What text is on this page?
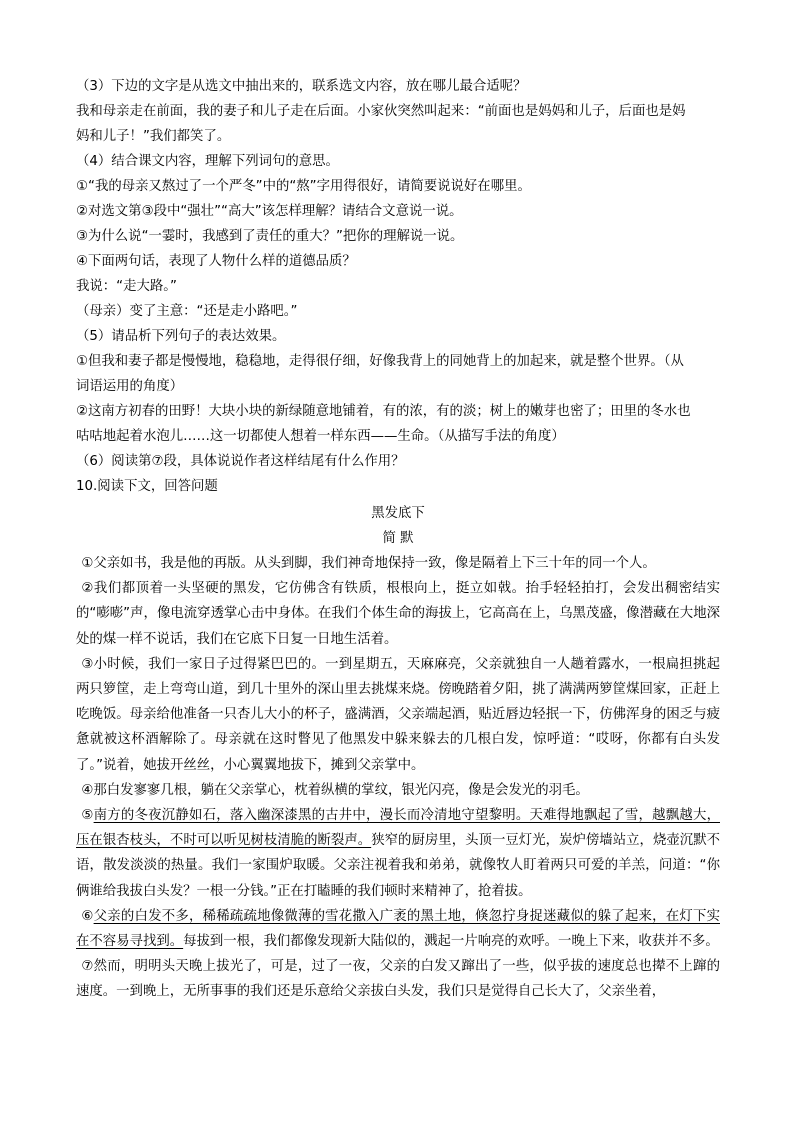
（3）下边的文字是从选文中抽出来的，联系选文内容，放在哪儿最合适呢？
我和母亲走在前面，我的妻子和儿子走在后面。小家伙突然叫起来：“前面也是妈妈和儿子，后面也是妈
妈和儿子！”我们都笑了。
（4）结合课文内容，理解下列词句的意思。
①“我的母亲又熬过了一个严冬”中的“熬”字用得很好，请简要说说好在哪里。
②对选文第③段中“强壮”“高大”该怎样理解？请结合文意说一说。
③为什么说“一霎时，我感到了责任的重大？”把你的理解说一说。
④下面两句话，表现了人物什么样的道德品质？
我说：“走大路。”
（母亲）变了主意：“还是走小路吧。”
（5）请品析下列句子的表达效果。
①但我和妻子都是慢慢地，稳稳地，走得很仔细，好像我背上的同她背上的加起来，就是整个世界。（从
词语运用的角度）
②这南方初春的田野！大块小块的新绿随意地铺着，有的浓，有的淡；树上的嫩芽也密了；田里的冬水也
咕咕地起着水泡儿……这一切都使人想着一样东西——生命。（从描写手法的角度）
（6）阅读第⑦段，具体说说作者这样结尾有什么作用？
10.阅读下文，回答问题
黑发底下
简 默
①父亲如书，我是他的再版。从头到脚，我们神奇地保持一致，像是隔着上下三十年的同一个人。
②我们都顶着一头坚硬的黑发，它仿佛含有铁质，根根向上，挺立如戟。抬手轻轻拍打，会发出稠密结实的“嘭嘭”声，像电流穿透掌心击中身体。在我们个体生命的海拔上，它高高在上，乌黑茂盛，像潜藏在大地深处的煤一样不说话，我们在它底下日复一日地生活着。
③小时候，我们一家日子过得紧巴巴的。一到星期五，天麻麻亮，父亲就独自一人趟着露水，一根扁担挑起两只箩筐，走上弯弯山道，到几十里外的深山里去挑煤来烧。傍晚踏着夕阳，挑了满满两箩筐煤回家，正赶上吃晚饭。母亲给他准备一只杏儿大小的杯子，盛满酒，父亲端起酒，贴近唇边轻抿一下，仿佛浑身的困乏与疲惫就被这杯酒解除了。母亲就在这时瞥见了他黑发中躲来躲去的几根白发，惊呼道：“哎呀，你都有白头发了。”说着，她拔开丝丝，小心翼翼地拔下，摊到父亲掌中。
④那白发寥寥几根，躺在父亲掌心，枕着纵横的掌纹，银光闪亮，像是会发光的羽毛。
⑤南方的冬夜沉静如石，落入幽深漆黑的古井中，漫长而冷清地守望黎明。天难得地飘起了雪，越飘越大，压在银杏枝头，不时可以听见树枝清脆的断裂声。狭窄的厨房里，头顶一豆灯光，炭炉傍墙站立，烧壶沉默不语，散发淡淡的热量。我们一家围炉取暖。父亲注视着我和弟弟，就像牧人盯着两只可爱的羊羔，问道：“你俩谁给我拔白头发？一根一分钱。”正在打瞌睡的我们顿时来精神了，抢着拔。
⑥父亲的白发不多，稀稀疏疏地像微薄的雪花撒入广袤的黑土地，倏忽拧身捉迷藏似的躲了起来，在灯下实在不容易寻找到。每拔到一根，我们都像发现新大陆似的，溅起一片响亮的欢呼。一晚上下来，收获并不多。
⑦然而，明明头天晚上拔光了，可是，过了一夜，父亲的白发又蹿出了一些，似乎拔的速度总也撵不上蹿的速度。一到晚上，无所事事的我们还是乐意给父亲拔白头发，我们只是觉得自己长大了，父亲坐着，
